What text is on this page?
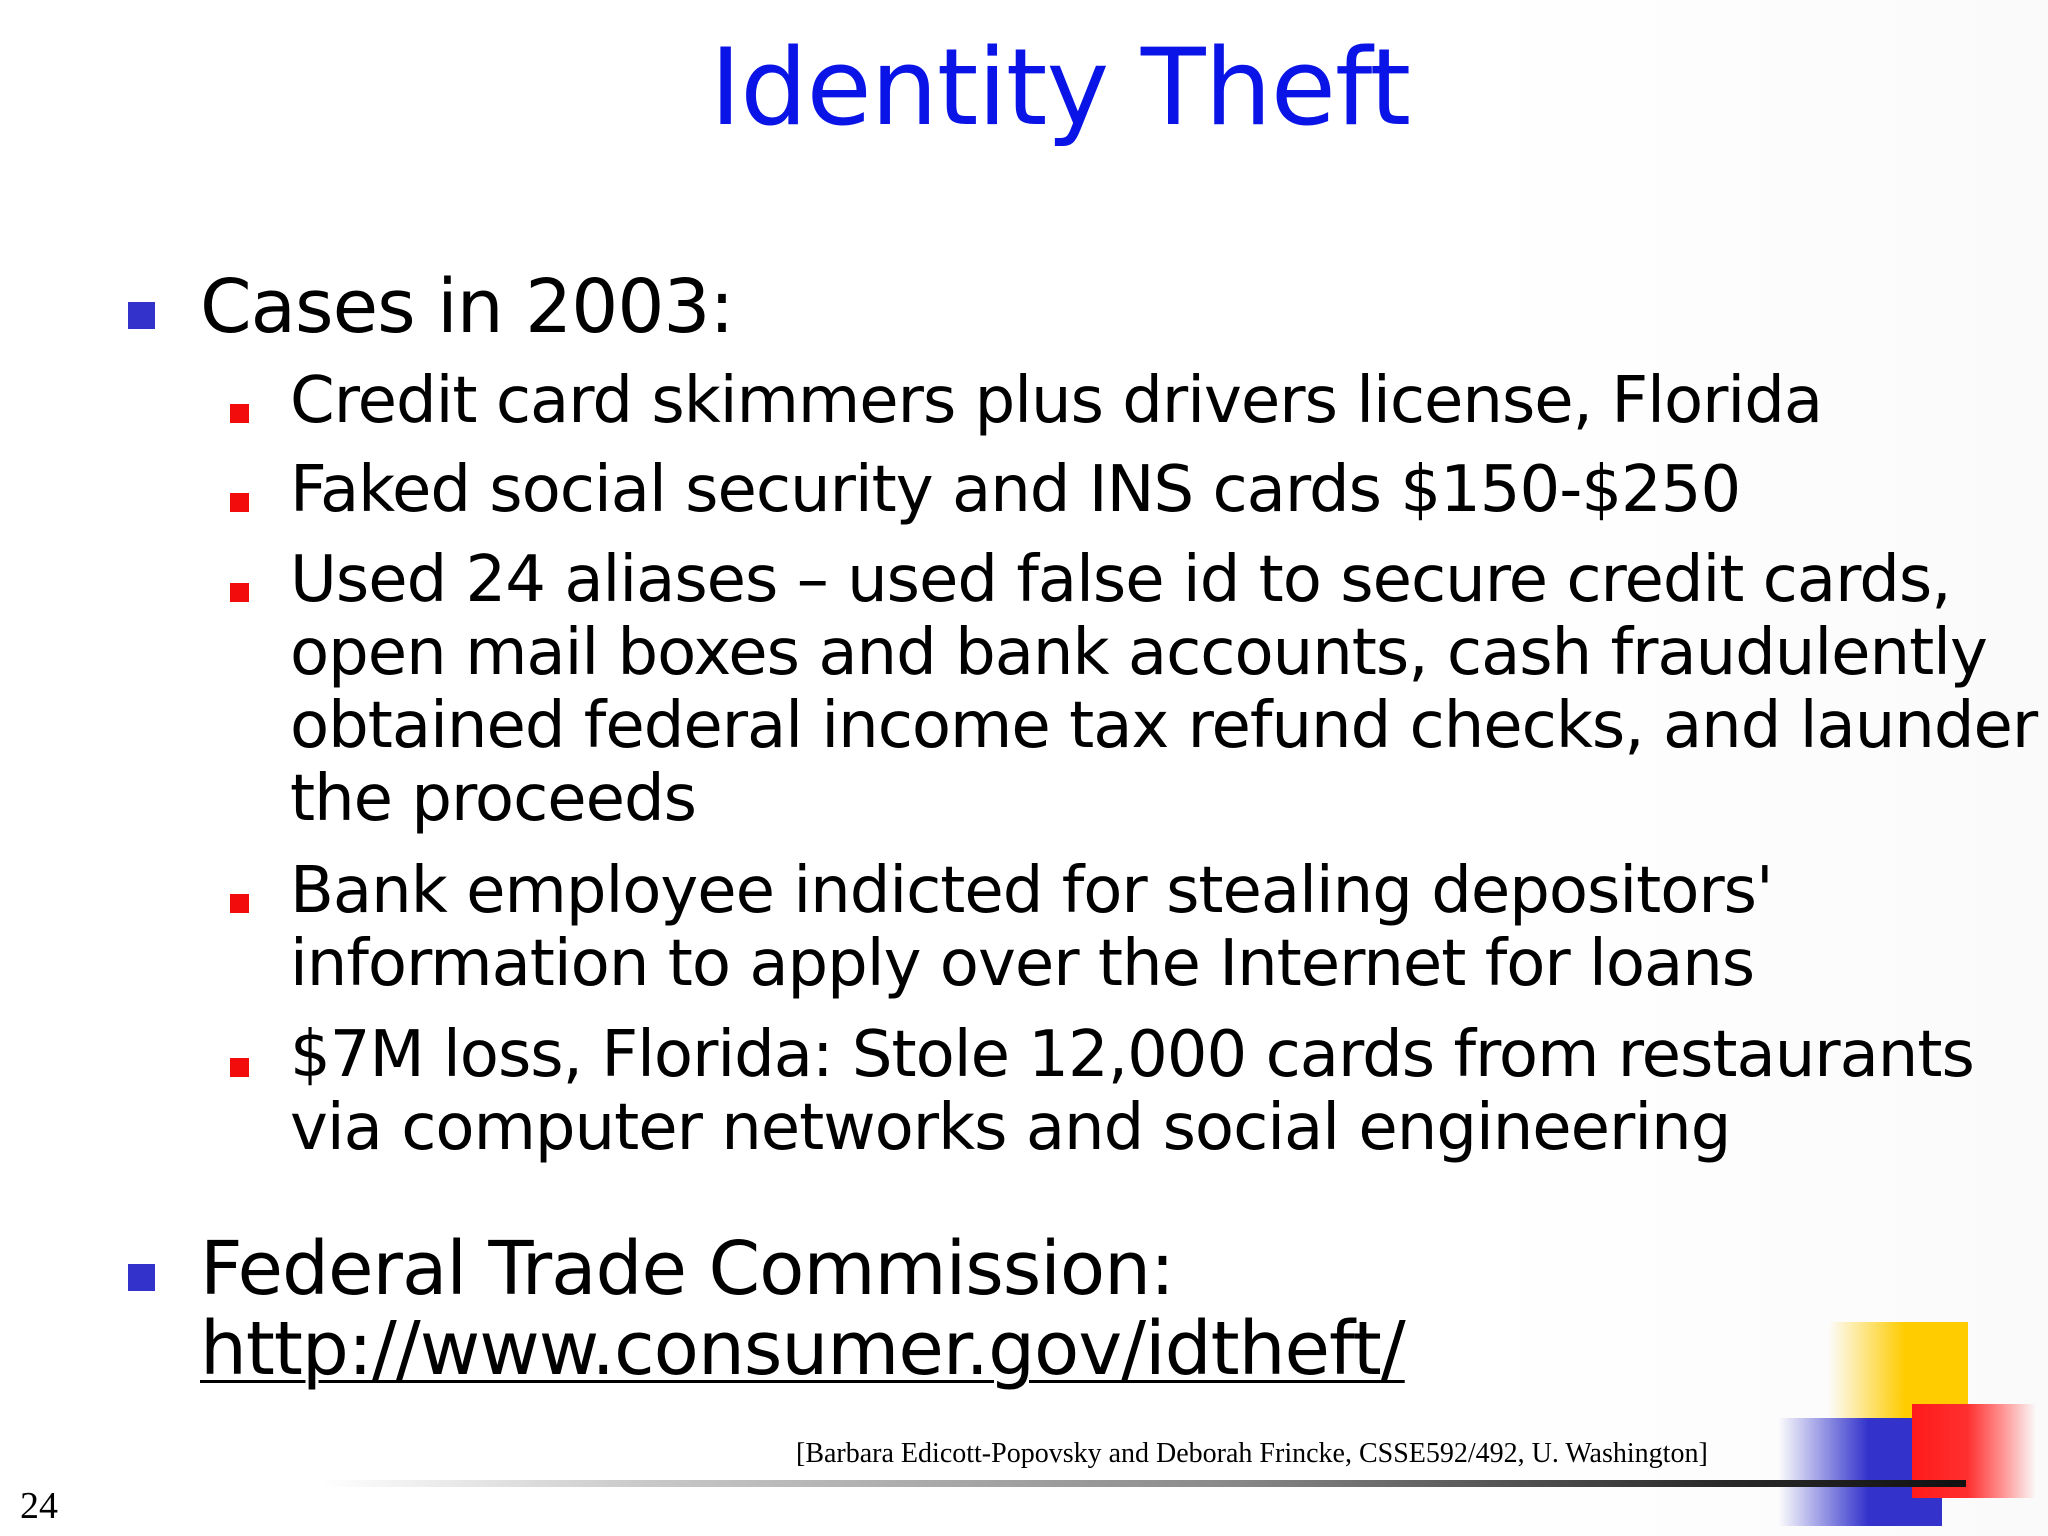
Identity Theft
Cases in 2003:
Credit card skimmers plus drivers license, Florida
Faked social security and INS cards $150-$250
Used 24 aliases – used false id to secure credit cards,
open mail boxes and bank accounts, cash fraudulently
obtained federal income tax refund checks, and launder
the proceeds
Bank employee indicted for stealing depositors'
information to apply over the Internet for loans
$7M loss, Florida: Stole 12,000 cards from restaurants
via computer networks and social engineering
Federal Trade Commission:
http://www.consumer.gov/idtheft/
[Barbara Edicott-Popovsky and Deborah Frincke, CSSE592/492, U. Washington]
24
